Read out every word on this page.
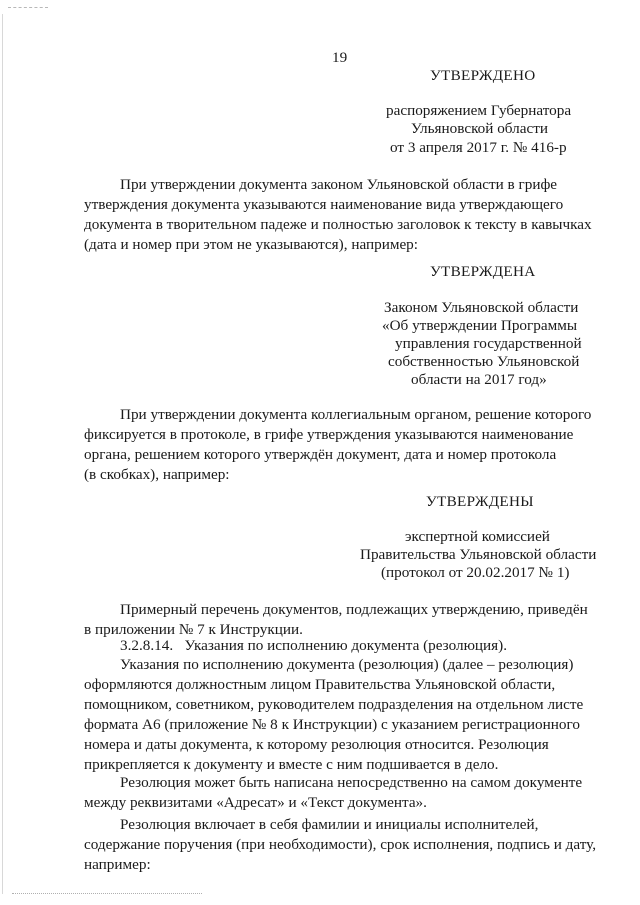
19
УТВЕРЖДЕНО
распоряжением Губернатора
Ульяновской области
от 3 апреля 2017 г. № 416-р

При утверждении документа законом Ульяновской области в грифе

утверждения документа указываются наименование вида утверждающего

документа в творительном падеже и полностью заголовок к тексту в кавычках

(дата и номер при этом не указываются), например:

УТВЕРЖДЕНА
Законом Ульяновской области
«Об утверждении Программы
управления государственной
собственностью Ульяновской
области на 2017 год»

При утверждении документа коллегиальным органом, решение которого

фиксируется в протоколе, в грифе утверждения указываются наименование

органа, решением которого утверждён документ, дата и номер протокола

(в скобках), например:

УТВЕРЖДЕНЫ
экспертной комиссией
Правительства Ульяновской области
(протокол от 20.02.2017 № 1)

Примерный перечень документов, подлежащих утверждению, приведён

в приложении № 7 к Инструкции.

3.2.8.14.   Указания по исполнению документа (резолюция).

Указания по исполнению документа (резолюция) (далее – резолюция)

оформляются должностным лицом Правительства Ульяновской области,

помощником, советником, руководителем подразделения на отдельном листе

формата А6 (приложение № 8 к Инструкции) с указанием регистрационного

номера и даты документа, к которому резолюция относится. Резолюция

прикрепляется к документу и вместе с ним подшивается в дело.

Резолюция может быть написана непосредственно на самом документе

между реквизитами «Адресат» и «Текст документа».

Резолюция включает в себя фамилии и инициалы исполнителей,

содержание поручения (при необходимости), срок исполнения, подпись и дату,

например:
